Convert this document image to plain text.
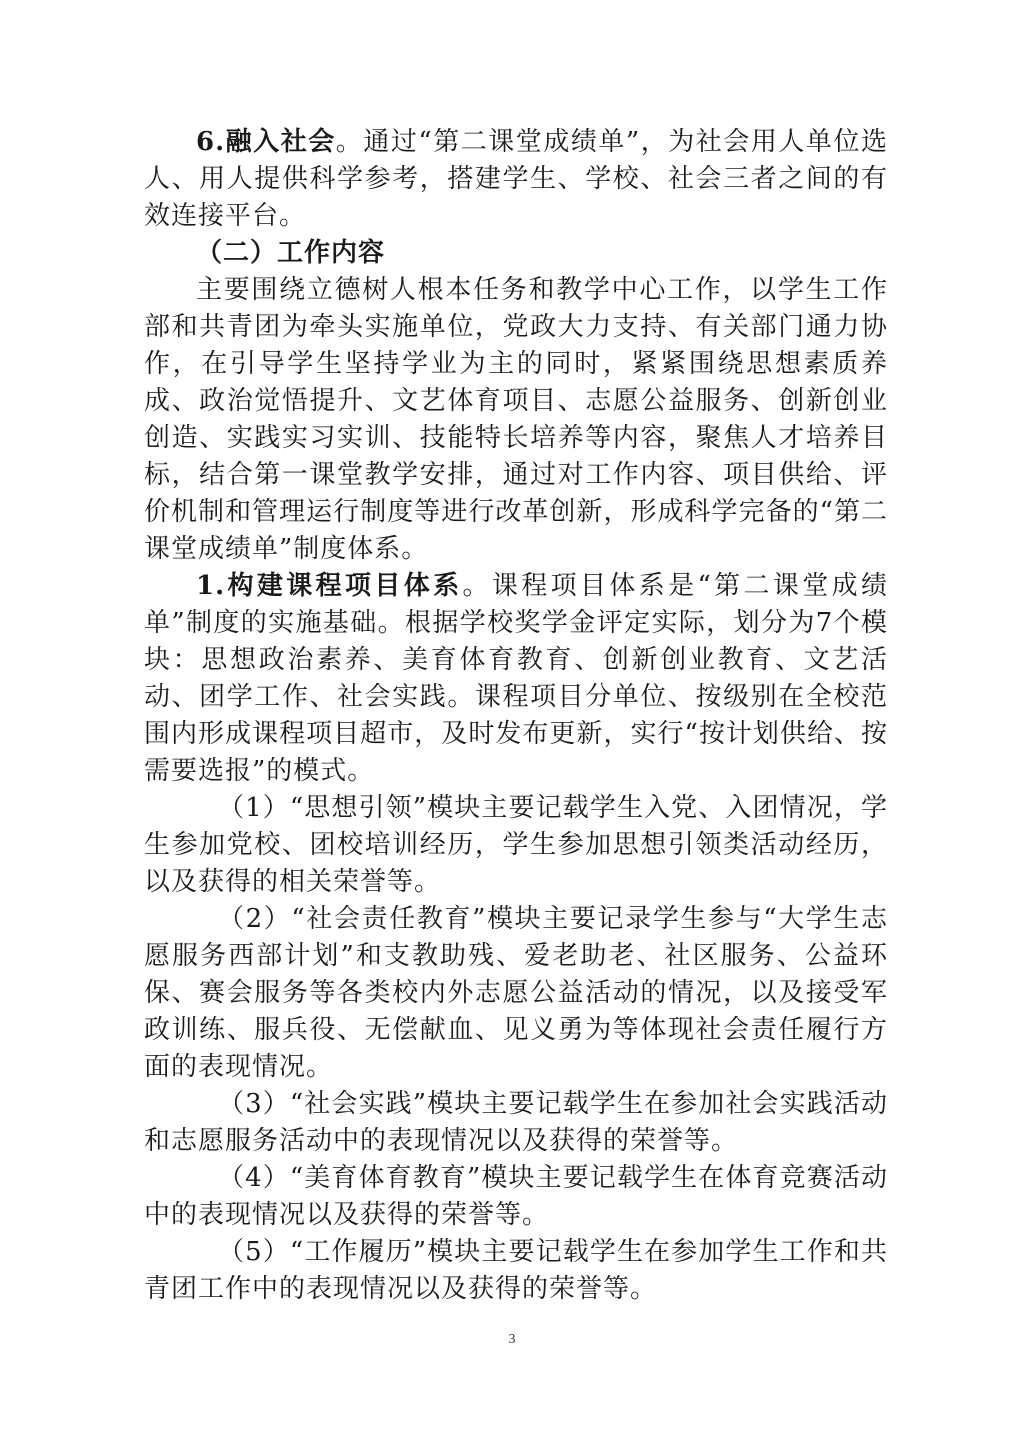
6.融入社会。通过“第二课堂成绩单”，为社会用人单位选人、用人提供科学参考，搭建学生、学校、社会三者之间的有效连接平台。

（二）工作内容

主要围绕立德树人根本任务和教学中心工作，以学生工作部和共青团为牵头实施单位，党政大力支持、有关部门通力协作，在引导学生坚持学业为主的同时，紧紧围绕思想素质养成、政治觉悟提升、文艺体育项目、志愿公益服务、创新创业创造、实践实习实训、技能特长培养等内容，聚焦人才培养目标，结合第一课堂教学安排，通过对工作内容、项目供给、评价机制和管理运行制度等进行改革创新，形成科学完备的“第二课堂成绩单”制度体系。

1.构建课程项目体系。课程项目体系是“第二课堂成绩单”制度的实施基础。根据学校奖学金评定实际，划分为7个模块：思想政治素养、美育体育教育、创新创业教育、文艺活动、团学工作、社会实践。课程项目分单位、按级别在全校范围内形成课程项目超市，及时发布更新，实行“按计划供给、按需要选报”的模式。

（1）“思想引领”模块主要记载学生入党、入团情况，学生参加党校、团校培训经历，学生参加思想引领类活动经历，以及获得的相关荣誉等。

（2）“社会责任教育”模块主要记录学生参与“大学生志愿服务西部计划”和支教助残、爱老助老、社区服务、公益环保、赛会服务等各类校内外志愿公益活动的情况，以及接受军政训练、服兵役、无偿献血、见义勇为等体现社会责任履行方面的表现情况。

（3）“社会实践”模块主要记载学生在参加社会实践活动和志愿服务活动中的表现情况以及获得的荣誉等。

（4）“美育体育教育”模块主要记载学生在体育竞赛活动中的表现情况以及获得的荣誉等。

（5）“工作履历”模块主要记载学生在参加学生工作和共青团工作中的表现情况以及获得的荣誉等。

3
